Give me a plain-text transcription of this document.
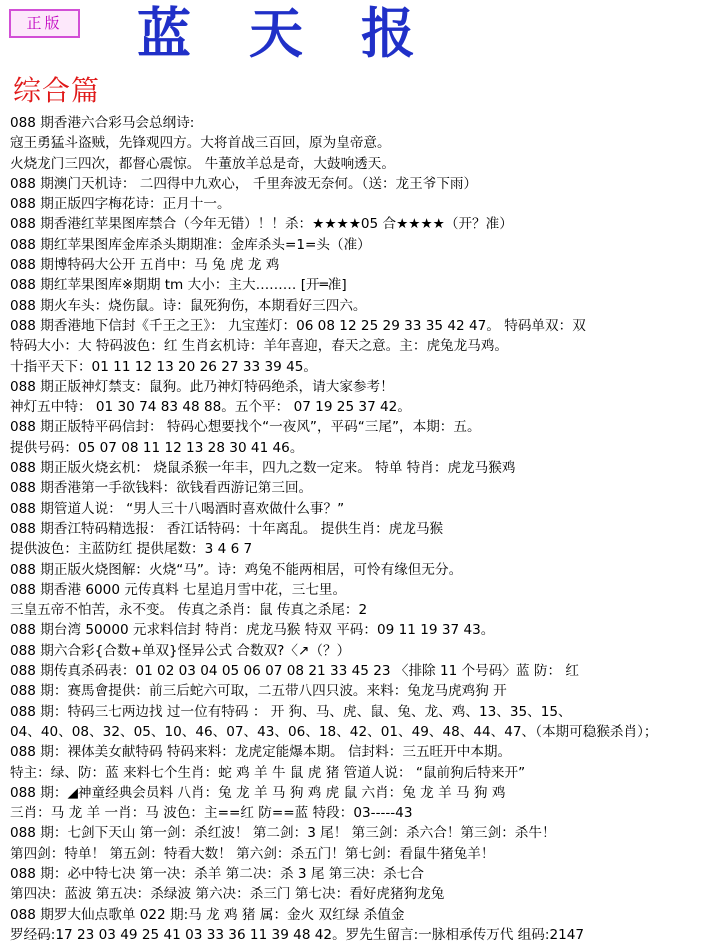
正版	蓝天报
综合篇
088 期香港六合彩马会总纲诗:
寇王勇猛斗盗贼，先锋观四方。大将首战三百回，原为皇帝意。
火烧龙门三四次，都督心震惊。 牛董放羊总是奇，大鼓响透天。
088 期澳门天机诗： 二四得中九欢心， 千里奔波无奈何。（送：龙王爷下雨）
088 期正版四字梅花诗：正月十一。
088 期香港红苹果图库禁合（今年无错）！！杀：★★★★05 合★★★★（开？准）
088 期红苹果图库金库杀头期期准：金库杀头=1=头（准）
088 期博特码大公开 五肖中：马 兔 虎 龙 鸡
088 期红苹果图库※期期 tm 大小：主大……… [开═准]
088 期火车头：烧伤鼠。诗：鼠死狗伤，本期看好三四六。
088 期香港地下信封《千王之王》： 九宝莲灯：06 08 12 25 29 33 35 42 47。 特码单双：双
特码大小：大 特码波色：红 生肖玄机诗：羊年喜迎，春天之意。主：虎兔龙马鸡。
十指平天下：01 11 12 13 20 26 27 33 39 45。
088 期正版神灯禁支：鼠狗。此乃神灯特码绝杀，请大家参考！
神灯五中特： 01 30 74 83 48 88。五个平： 07 19 25 37 42。
088 期正版特平码信封： 特码心想要找个“一夜风”，平码“三尾”，本期：五。
提供号码：05 07 08 11 12 13 28 30 41 46。
088 期正版火烧玄机： 烧鼠杀猴一年丰，四九之数一定来。 特单 特肖：虎龙马猴鸡
088 期香港第一手欲钱料：欲钱看西游记第三回。
088 期管道人说： “男人三十八喝酒时喜欢做什么事？”
088 期香江特码精选报： 香江话特码：十年离乱。 提供生肖：虎龙马猴
提供波色：主蓝防红 提供尾数：3 4 6 7
088 期正版火烧图解：火烧“马”。诗：鸡兔不能两相居，可怜有缘但无分。
088 期香港 6000 元传真料 七星追月雪中花，三七里。
三皇五帝不怕苦，永不变。 传真之杀肖：鼠 传真之杀尾：2
088 期台湾 50000 元求料信封 特肖：虎龙马猴 特双 平码：09 11 19 37 43。
088 期六合彩{合数+单双}怪异公式 合数双?〈↗（？）
088 期传真杀码表：01 02 03 04 05 06 07 08 21 33 45 23 〈排除 11 个号码〉蓝 防： 红
088 期：赛馬會提供：前三后蛇六可取，二五带八四只波。来料：兔龙马虎鸡狗 开
088 期：特码三七两边找 过一位有特码 ： 开 狗、马、虎、鼠、兔、龙、鸡、13、35、15、
04、40、08、32、05、10、46、07、43、06、18、42、01、49、48、44、47、（本期可稳猴杀肖）；
088 期：裸体美女献特码 特码来料：龙虎定能爆本期。 信封料：三五旺开中本期。
特主：绿、防：蓝 来料七个生肖：蛇 鸡 羊 牛 鼠 虎 猪 管道人说： “鼠前狗后特来开”
088 期：◢神童经典会员料 八肖：兔 龙 羊 马 狗 鸡 虎 鼠 六肖：兔 龙 羊 马 狗 鸡
三肖：马 龙 羊 一肖：马 波色：主==红 防==蓝 特段：03-----43
088 期：七剑下天山 第一剑：杀红波！ 第二剑：3 尾！ 第三剑：杀六合！第三剑：杀牛！
第四剑：特单！ 第五剑：特看大数！ 第六剑：杀五门！第七剑：看鼠牛猪兔羊！
088 期：必中特七决 第一决：杀羊 第二决：杀 3 尾 第三决：杀七合
第四决：蓝波 第五决：杀绿波 第六决：杀三门 第七决：看好虎猪狗龙兔
088 期罗大仙点歌单 022 期:马 龙 鸡 猪 属：金火 双红绿 杀值金
罗经码:17 23 03 49 25 41 03 33 36 11 39 48 42。罗先生留言:一脉相承传万代 组码:2147
